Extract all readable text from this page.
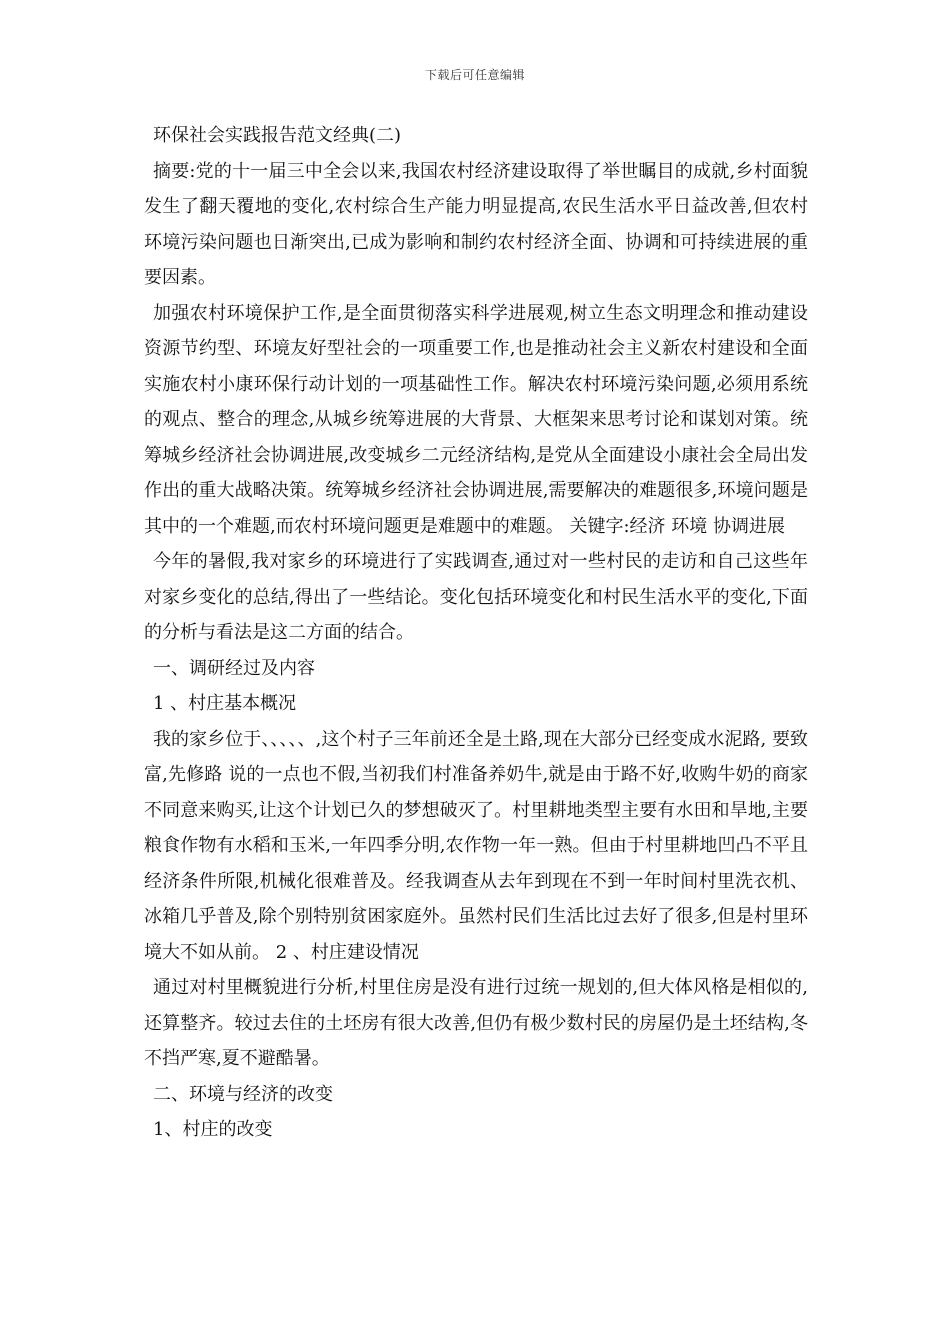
下载后可任意编辑

环保社会实践报告范文经典(二)

摘要:党的十一届三中全会以来,我国农村经济建设取得了举世瞩目的成就,乡村面貌发生了翻天覆地的变化,农村综合生产能力明显提高,农民生活水平日益改善,但农村环境污染问题也日渐突出,已成为影响和制约农村经济全面、协调和可持续进展的重要因素。

加强农村环境保护工作,是全面贯彻落实科学进展观,树立生态文明理念和推动建设资源节约型、环境友好型社会的一项重要工作,也是推动社会主义新农村建设和全面实施农村小康环保行动计划的一项基础性工作。解决农村环境污染问题,必须用系统的观点、整合的理念,从城乡统筹进展的大背景、大框架来思考讨论和谋划对策。统筹城乡经济社会协调进展,改变城乡二元经济结构,是党从全面建设小康社会全局出发作出的重大战略决策。统筹城乡经济社会协调进展,需要解决的难题很多,环境问题是其中的一个难题,而农村环境问题更是难题中的难题。 关键字:经济 环境 协调进展

今年的暑假,我对家乡的环境进行了实践调查,通过对一些村民的走访和自己这些年对家乡变化的总结,得出了一些结论。变化包括环境变化和村民生活水平的变化,下面的分析与看法是这二方面的结合。

一、调研经过及内容

1 、村庄基本概况

我的家乡位于、、、、、,这个村子三年前还全是土路,现在大部分已经变成水泥路, 要致富,先修路 说的一点也不假,当初我们村准备养奶牛,就是由于路不好,收购牛奶的商家不同意来购买,让这个计划已久的梦想破灭了。村里耕地类型主要有水田和旱地,主要粮食作物有水稻和玉米,一年四季分明,农作物一年一熟。但由于村里耕地凹凸不平且经济条件所限,机械化很难普及。经我调查从去年到现在不到一年时间村里洗衣机、冰箱几乎普及,除个别特别贫困家庭外。虽然村民们生活比过去好了很多,但是村里环境大不如从前。 2 、村庄建设情况

通过对村里概貌进行分析,村里住房是没有进行过统一规划的,但大体风格是相似的,还算整齐。较过去住的土坯房有很大改善,但仍有极少数村民的房屋仍是土坯结构,冬不挡严寒,夏不避酷暑。

二、环境与经济的改变

1、村庄的改变
